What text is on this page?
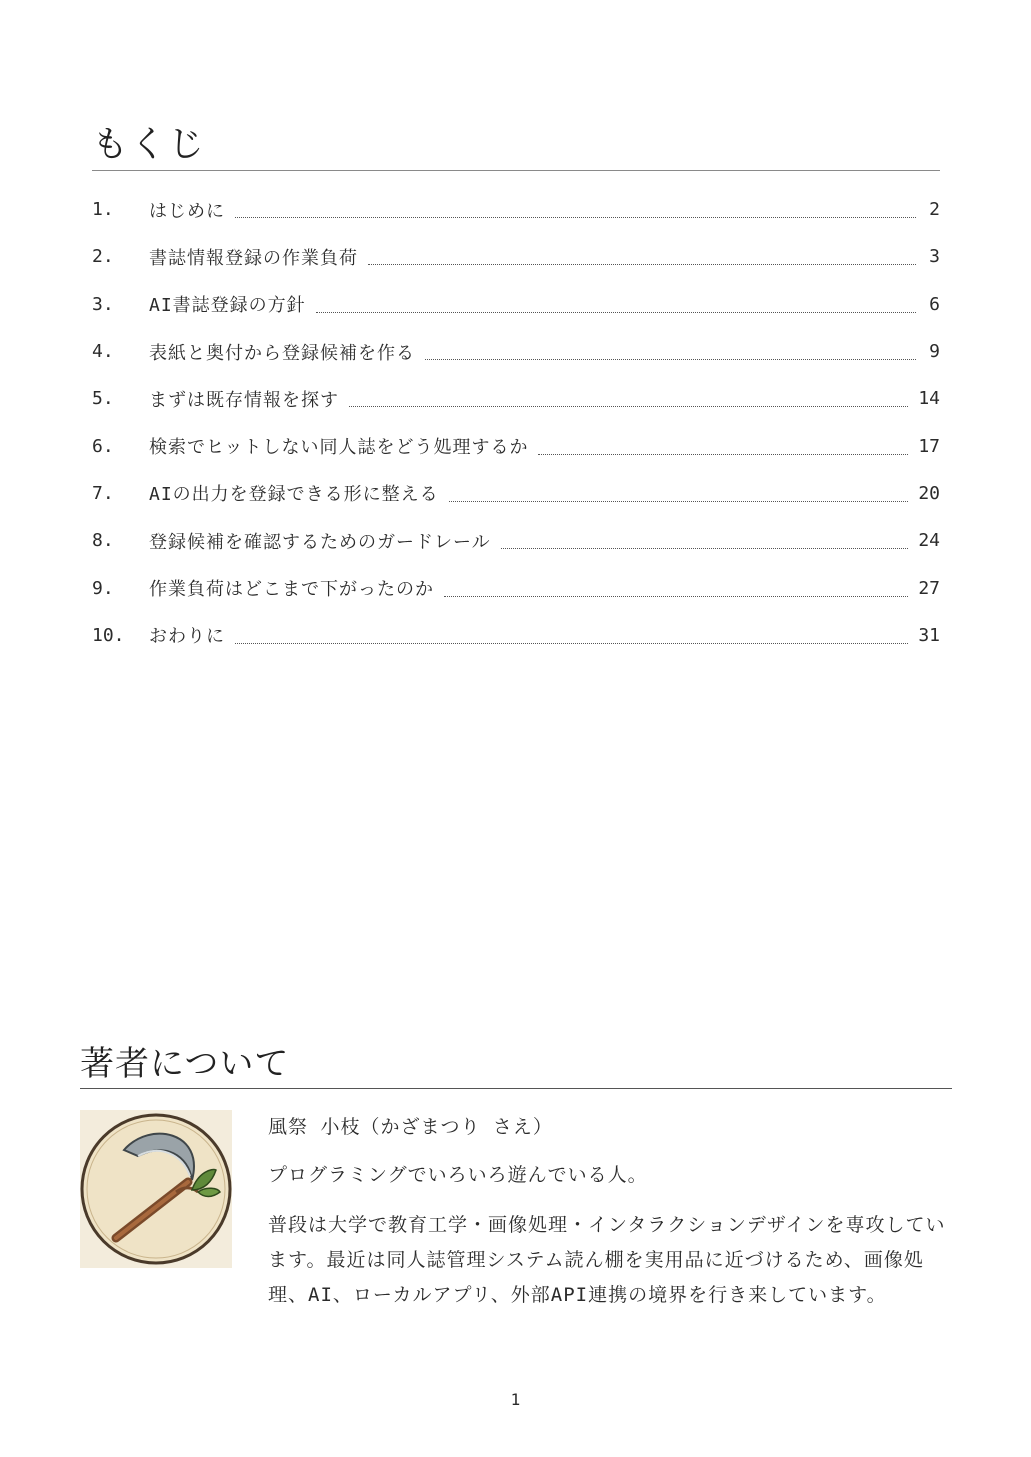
もくじ
1.	はじめに	2
2.	書誌情報登録の作業負荷	3
3.	AI書誌登録の方針	6
4.	表紙と奥付から登録候補を作る	9
5.	まずは既存情報を探す	14
6.	検索でヒットしない同人誌をどう処理するか	17
7.	AIの出力を登録できる形に整える	20
8.	登録候補を確認するためのガードレール	24
9.	作業負荷はどこまで下がったのか	27
10.	おわりに	31
著者について
風祭 小枝（かざまつり さえ）
プログラミングでいろいろ遊んでいる人。

普段は大学で教育工学・画像処理・インタラクションデザインを専攻しています。最近は同人誌管理システム読ん棚を実用品に近づけるため、画像処理、AI、ローカルアプリ、外部API連携の境界を行き来しています。

1
